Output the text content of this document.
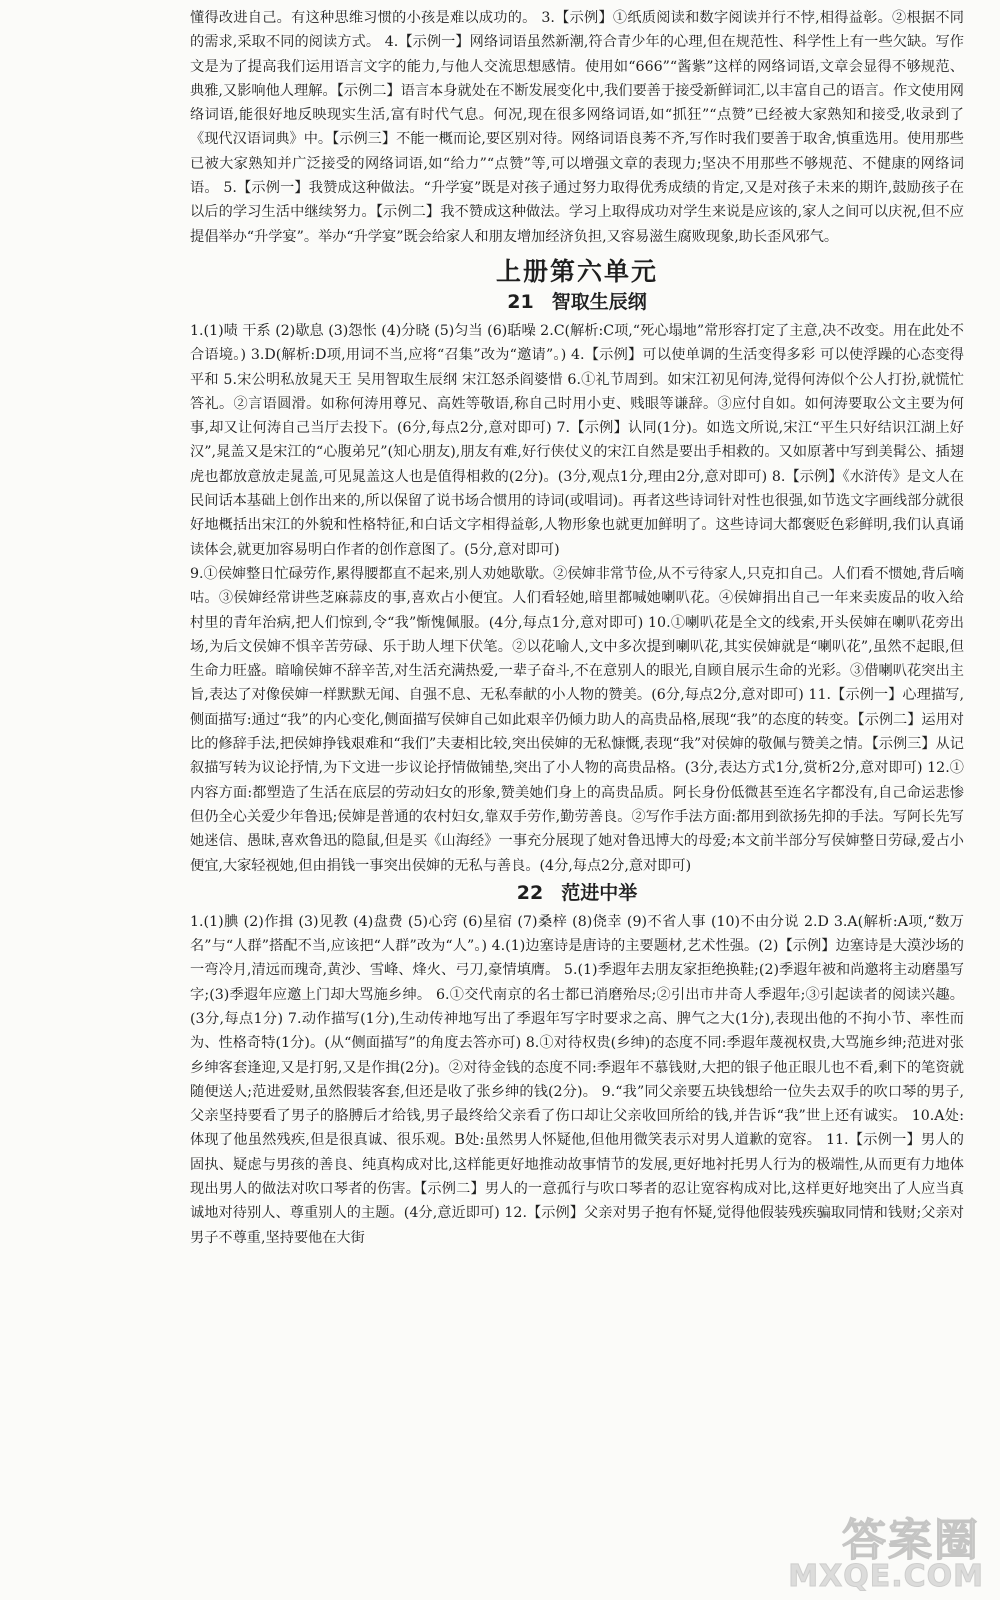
懂得改进自己。有这种思维习惯的小孩是难以成功的。 3.【示例】①纸质阅读和数字阅读并行不悖,相得益彰。②根据不同的需求,采取不同的阅读方式。 4.【示例一】网络词语虽然新潮,符合青少年的心理,但在规范性、科学性上有一些欠缺。写作文是为了提高我们运用语言文字的能力,与他人交流思想感情。使用如“666”“酱紫”这样的网络词语,文章会显得不够规范、典雅,又影响他人理解。【示例二】语言本身就处在不断发展变化中,我们要善于接受新鲜词汇,以丰富自己的语言。作文使用网络词语,能很好地反映现实生活,富有时代气息。何况,现在很多网络词语,如“抓狂”“点赞”已经被大家熟知和接受,收录到了《现代汉语词典》中。【示例三】不能一概而论,要区别对待。网络词语良莠不齐,写作时我们要善于取舍,慎重选用。使用那些已被大家熟知并广泛接受的网络词语,如“给力”“点赞”等,可以增强文章的表现力;坚决不用那些不够规范、不健康的网络词语。 5.【示例一】我赞成这种做法。“升学宴”既是对孩子通过努力取得优秀成绩的肯定,又是对孩子未来的期许,鼓励孩子在以后的学习生活中继续努力。【示例二】我不赞成这种做法。学习上取得成功对学生来说是应该的,家人之间可以庆祝,但不应提倡举办“升学宴”。举办“升学宴”既会给家人和朋友增加经济负担,又容易滋生腐败现象,助长歪风邪气。

上册第六单元
21 智取生辰纲

1.(1)啧 干系 (2)歇息 (3)怨怅 (4)分晓 (5)匀当 (6)聒噪 2.C(解析:C项,“死心塌地”常形容打定了主意,决不改变。用在此处不合语境。) 3.D(解析:D项,用词不当,应将“召集”改为“邀请”。) 4.【示例】可以使单调的生活变得多彩 可以使浮躁的心态变得平和 5.宋公明私放晁天王 吴用智取生辰纲 宋江怒杀阎婆惜 6.①礼节周到。如宋江初见何涛,觉得何涛似个公人打扮,就慌忙答礼。②言语圆滑。如称何涛用尊兄、高姓等敬语,称自己时用小吏、贱眼等谦辞。③应付自如。如何涛要取公文主要为何事,却又让何涛自己当厅去投下。(6分,每点2分,意对即可) 7.【示例】认同(1分)。如选文所说,宋江“平生只好结识江湖上好汉”,晁盖又是宋江的“心腹弟兄”(知心朋友),朋友有难,好行侠仗义的宋江自然是要出手相救的。又如原著中写到美髯公、插翅虎也都放意放走晁盖,可见晁盖这人也是值得相救的(2分)。(3分,观点1分,理由2分,意对即可) 8.【示例】《水浒传》是文人在民间话本基础上创作出来的,所以保留了说书场合惯用的诗词(或唱词)。再者这些诗词针对性也很强,如节选文字画线部分就很好地概括出宋江的外貌和性格特征,和白话文字相得益彰,人物形象也就更加鲜明了。这些诗词大都褒贬色彩鲜明,我们认真诵读体会,就更加容易明白作者的创作意图了。(5分,意对即可)

9.①侯婶整日忙碌劳作,累得腰都直不起来,别人劝她歇歇。②侯婶非常节俭,从不亏待家人,只克扣自己。人们看不惯她,背后嘀咕。③侯婶经常讲些芝麻蒜皮的事,喜欢占小便宜。人们看轻她,暗里都喊她喇叭花。④侯婶捐出自己一年来卖废品的收入给村里的青年治病,把人们惊到,令“我”惭愧佩服。(4分,每点1分,意对即可) 10.①喇叭花是全文的线索,开头侯婶在喇叭花旁出场,为后文侯婶不惧辛苦劳碌、乐于助人埋下伏笔。②以花喻人,文中多次提到喇叭花,其实侯婶就是“喇叭花”,虽然不起眼,但生命力旺盛。暗喻侯婶不辞辛苦,对生活充满热爱,一辈子奋斗,不在意别人的眼光,自顾自展示生命的光彩。③借喇叭花突出主旨,表达了对像侯婶一样默默无闻、自强不息、无私奉献的小人物的赞美。(6分,每点2分,意对即可) 11.【示例一】心理描写,侧面描写:通过“我”的内心变化,侧面描写侯婶自己如此艰辛仍倾力助人的高贵品格,展现“我”的态度的转变。【示例二】运用对比的修辞手法,把侯婶挣钱艰难和“我们”夫妻相比较,突出侯婶的无私慷慨,表现“我”对侯婶的敬佩与赞美之情。【示例三】从记叙描写转为议论抒情,为下文进一步议论抒情做铺垫,突出了小人物的高贵品格。(3分,表达方式1分,赏析2分,意对即可) 12.①内容方面:都塑造了生活在底层的劳动妇女的形象,赞美她们身上的高贵品质。阿长身份低微甚至连名字都没有,自己命运悲惨但仍全心关爱少年鲁迅;侯婶是普通的农村妇女,靠双手劳作,勤劳善良。②写作手法方面:都用到欲扬先抑的手法。写阿长先写她迷信、愚昧,喜欢鲁迅的隐鼠,但是买《山海经》一事充分展现了她对鲁迅博大的母爱;本文前半部分写侯婶整日劳碌,爱占小便宜,大家轻视她,但由捐钱一事突出侯婶的无私与善良。(4分,每点2分,意对即可)

22 范进中举

1.(1)腆 (2)作揖 (3)见教 (4)盘费 (5)心窍 (6)星宿 (7)桑梓 (8)侥幸 (9)不省人事 (10)不由分说 2.D 3.A(解析:A项,“数万名”与“人群”搭配不当,应该把“人群”改为“人”。) 4.(1)边塞诗是唐诗的主要题材,艺术性强。(2)【示例】边塞诗是大漠沙场的一弯冷月,清远而瑰奇,黄沙、雪峰、烽火、弓刀,豪情填膺。 5.(1)季遐年去朋友家拒绝换鞋;(2)季遐年被和尚邀将主动磨墨写字;(3)季遐年应邀上门却大骂施乡绅。 6.①交代南京的名士都已消磨殆尽;②引出市井奇人季遐年;③引起读者的阅读兴趣。(3分,每点1分) 7.动作描写(1分),生动传神地写出了季遐年写字时要求之高、脾气之大(1分),表现出他的不拘小节、率性而为、性格奇特(1分)。(从“侧面描写”的角度去答亦可) 8.①对待权贵(乡绅)的态度不同:季遐年蔑视权贵,大骂施乡绅;范进对张乡绅客套逢迎,又是打躬,又是作揖(2分)。②对待金钱的态度不同:季遐年不慕钱财,大把的银子他正眼儿也不看,剩下的笔资就随便送人;范进爱财,虽然假装客套,但还是收了张乡绅的钱(2分)。 9.“我”同父亲要五块钱想给一位失去双手的吹口琴的男子,父亲坚持要看了男子的胳膊后才给钱,男子最终给父亲看了伤口却让父亲收回所给的钱,并告诉“我”世上还有诚实。 10.A处:体现了他虽然残疾,但是很真诚、很乐观。B处:虽然男人怀疑他,但他用微笑表示对男人道歉的宽容。 11.【示例一】男人的固执、疑虑与男孩的善良、纯真构成对比,这样能更好地推动故事情节的发展,更好地衬托男人行为的极端性,从而更有力地体现出男人的做法对吹口琴者的伤害。【示例二】男人的一意孤行与吹口琴者的忍让宽容构成对比,这样更好地突出了人应当真诚地对待别人、尊重别人的主题。(4分,意近即可) 12.【示例】父亲对男子抱有怀疑,觉得他假装残疾骗取同情和钱财;父亲对男子不尊重,坚持要他在大街

答案圈
MXQE.COM
